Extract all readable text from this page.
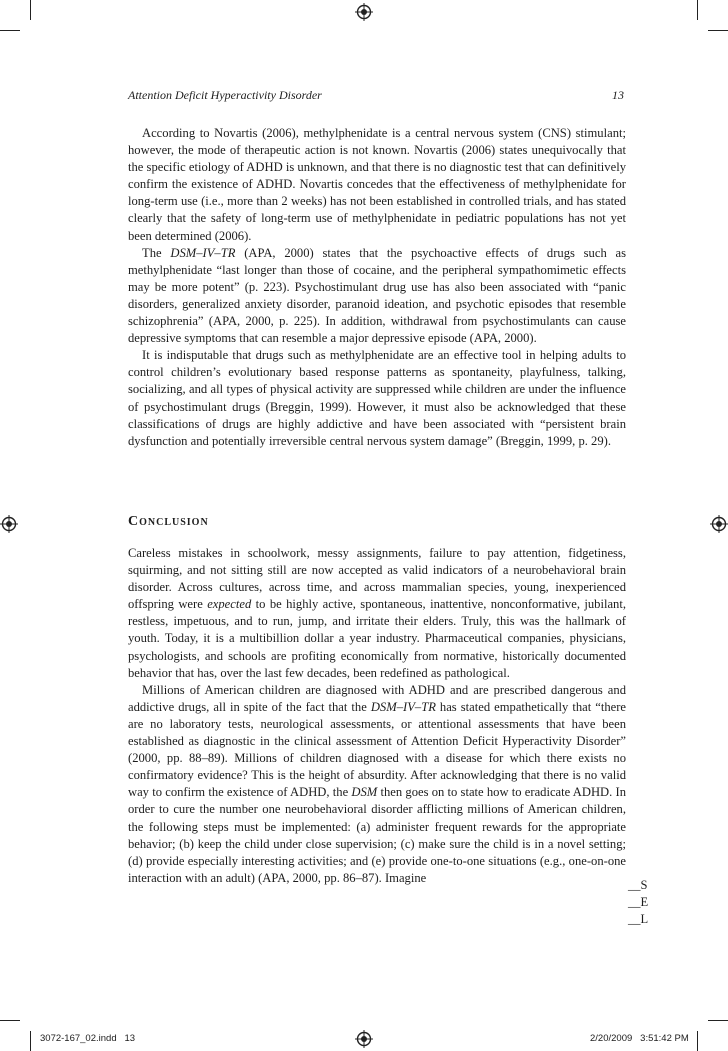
Attention Deficit Hyperactivity Disorder	13

According to Novartis (2006), methylphenidate is a central nervous system (CNS) stimulant; however, the mode of therapeutic action is not known. Novartis (2006) states unequivocally that the specific etiology of ADHD is unknown, and that there is no diagnostic test that can definitively confirm the existence of ADHD. Novartis concedes that the effectiveness of methylphenidate for long-term use (i.e., more than 2 weeks) has not been established in controlled trials, and has stated clearly that the safety of long-term use of methylphenidate in pediatric populations has not yet been determined (2006).

The DSM–IV–TR (APA, 2000) states that the psychoactive effects of drugs such as methylphenidate “last longer than those of cocaine, and the peripheral sympathomimetic effects may be more potent” (p. 223). Psychostimulant drug use has also been associated with “panic disorders, generalized anxiety disorder, paranoid ideation, and psychotic episodes that resemble schizophrenia” (APA, 2000, p. 225). In addition, withdrawal from psychostimulants can cause depressive symptoms that can resemble a major depressive episode (APA, 2000).

It is indisputable that drugs such as methylphenidate are an effective tool in helping adults to control children’s evolutionary based response patterns as spontaneity, playfulness, talking, socializing, and all types of physical activity are suppressed while children are under the influence of psychostimulant drugs (Breggin, 1999). However, it must also be acknowledged that these classifications of drugs are highly addictive and have been associated with “persistent brain dysfunction and potentially irreversible central nervous system damage” (Breggin, 1999, p. 29).

Conclusion

Careless mistakes in schoolwork, messy assignments, failure to pay attention, fidgetiness, squirming, and not sitting still are now accepted as valid indicators of a neurobehavioral brain disorder. Across cultures, across time, and across mammalian species, young, inexperienced offspring were expected to be highly active, spontaneous, inattentive, nonconformative, jubilant, restless, impetuous, and to run, jump, and irritate their elders. Truly, this was the hallmark of youth. Today, it is a multibillion dollar a year industry. Pharmaceutical companies, physicians, psychologists, and schools are profiting economically from normative, historically documented behavior that has, over the last few decades, been redefined as pathological.

Millions of American children are diagnosed with ADHD and are prescribed dangerous and addictive drugs, all in spite of the fact that the DSM–IV–TR has stated empathetically that “there are no laboratory tests, neurological assessments, or attentional assessments that have been established as diagnostic in the clinical assessment of Attention Deficit Hyperactivity Disorder” (2000, pp. 88–89). Millions of children diagnosed with a disease for which there exists no confirmatory evidence? This is the height of absurdity. After acknowledging that there is no valid way to confirm the existence of ADHD, the DSM then goes on to state how to eradicate ADHD. In order to cure the number one neurobehavioral disorder afflicting millions of American children, the following steps must be implemented: (a) administer frequent rewards for the appropriate behavior; (b) keep the child under close supervision; (c) make sure the child is in a novel setting; (d) provide especially interesting activities; and (e) provide one-to-one situations (e.g., one-on-one interaction with an adult) (APA, 2000, pp. 86–87). Imagine

__ S
__ E
__ L
3072-167_02.indd   13	2/20/2009   3:51:42 PM
